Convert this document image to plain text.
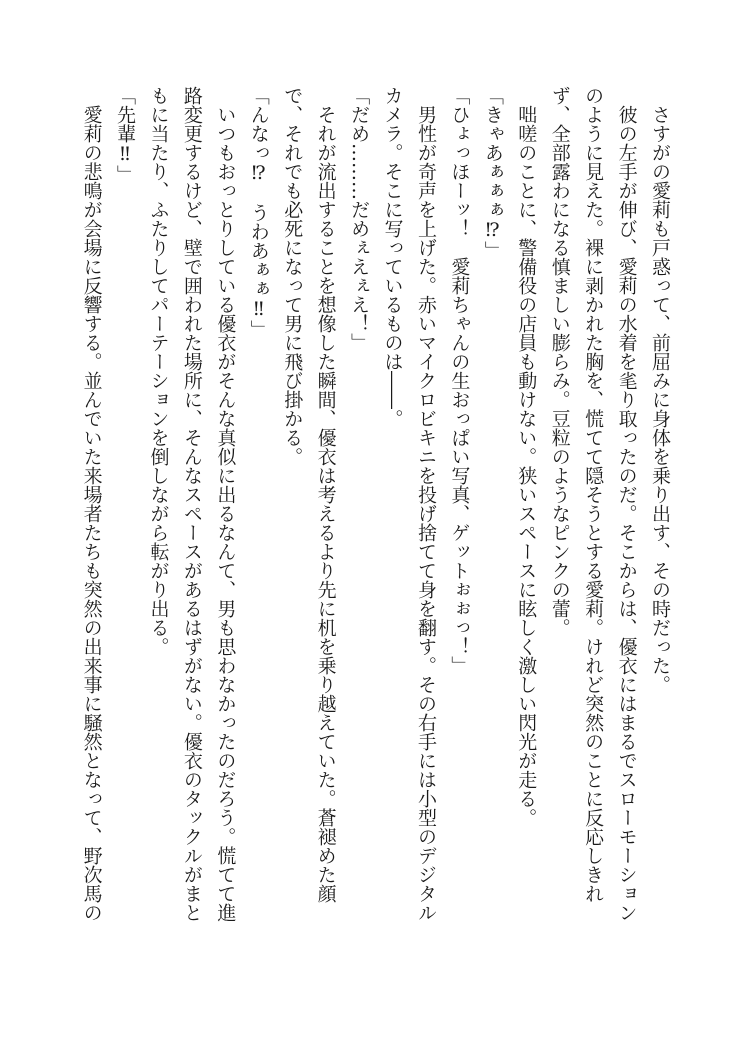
さすがの愛莉も戸惑って、前屈みに身体を乗り出す、その時だった。

彼の左手が伸び、愛莉の水着を毟り取ったのだ。そこからは、優衣にはまるでスローモーションのように見えた。裸に剥かれた胸を、慌てて隠そうとする愛莉。けれど突然のことに反応しきれず、全部露わになる慎ましい膨らみ。豆粒のようなピンクの蕾。

咄嗟のことに、警備役の店員も動けない。狭いスペースに眩しく激しい閃光が走る。

「きゃあぁぁぁ⁉」

「ひょっほーッ！　愛莉ちゃんの生おっぱい写真、ゲットぉぉっ！」

男性が奇声を上げた。赤いマイクロビキニを投げ捨てて身を翻す。その右手には小型のデジタルカメラ。そこに写っているものは――。

「だめ………だめぇえぇえ！」

それが流出することを想像した瞬間、優衣は考えるより先に机を乗り越えていた。蒼褪めた顔で、それでも必死になって男に飛び掛かる。

「んなっ⁉　うわあぁぁ‼」

いつもおっとりしている優衣がそんな真似に出るなんて、男も思わなかったのだろう。慌てて進路変更するけど、壁で囲われた場所に、そんなスペースがあるはずがない。優衣のタックルがまともに当たり、ふたりしてパーテーションを倒しながら転がり出る。

「先輩‼」

愛莉の悲鳴が会場に反響する。並んでいた来場者たちも突然の出来事に騒然となって、野次馬の
